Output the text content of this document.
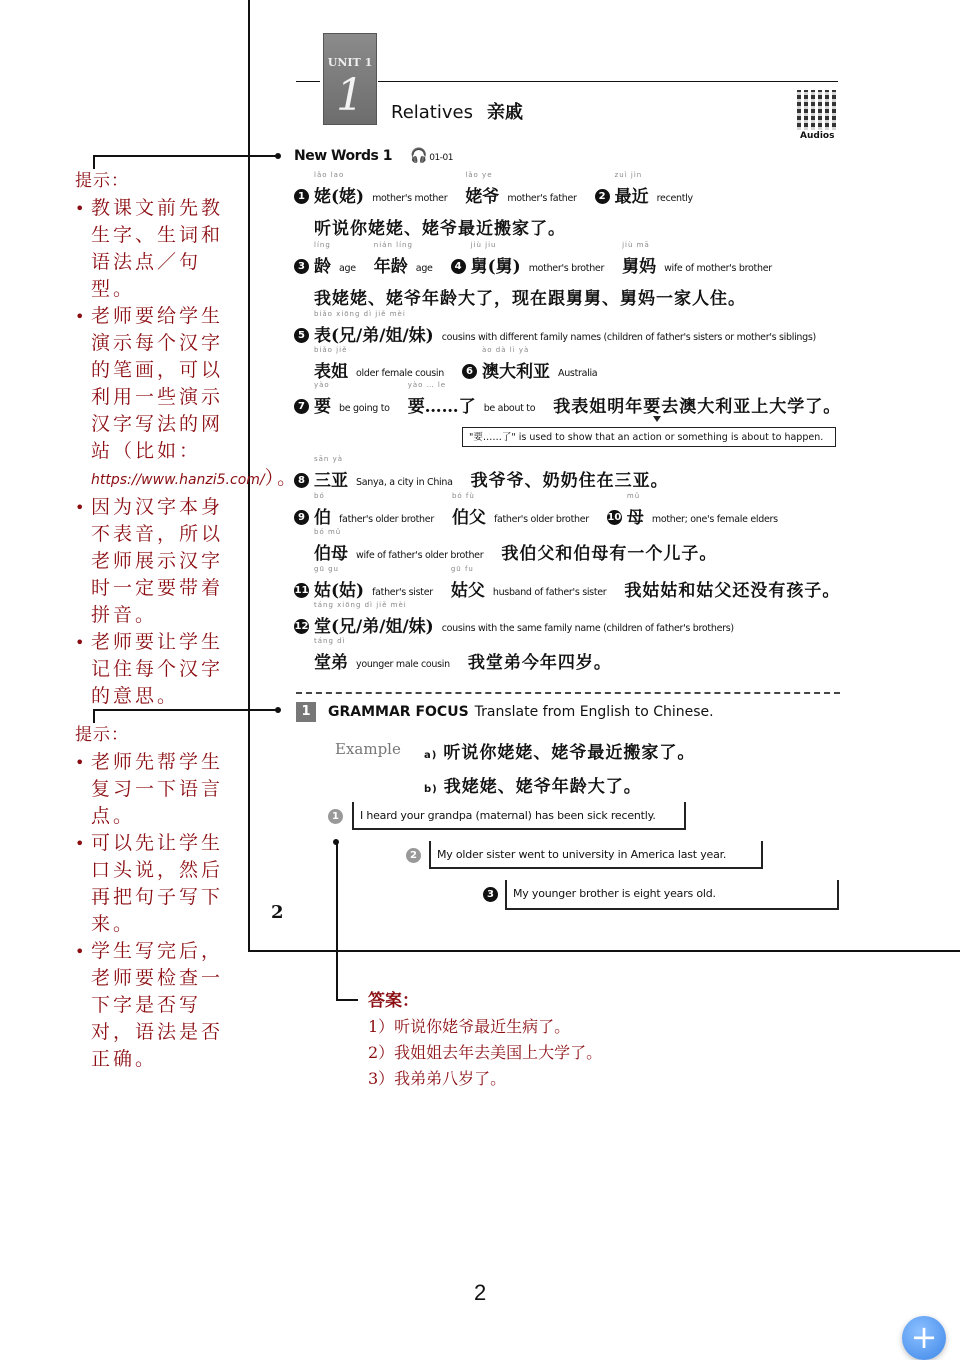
UNIT 1
1	Relatives 亲戚
Audios
New Words 1 🎧 01-01
1
lǎo lao
姥(姥) mother's mother
lǎo ye
姥爷 mother's father	2
zuì jìn
最近 recently
听说你姥姥、姥爷最近搬家了。
3
líng
龄 age
nián líng
年龄 age	4
jiù jiu
舅(舅) mother's brother
jiù mā
舅妈 wife of mother's brother
我姥姥、姥爷年龄大了，现在跟舅舅、舅妈一家人住。
5
biǎo xiōng dì jiě mèi
表(兄/弟/姐/妹) cousins with different family names (children of father's sisters or mother's siblings)
biǎo jiě
表姐 older female cousin	6
ào dà lì yà
澳大利亚 Australia
7
yào
要 be going to
yào … le
要……了 be about to 我表姐明年要去澳大利亚上大学了。
"要……了" is used to show that an action or something is about to happen.
8
sān yà
三亚 Sanya, a city in China 我爷爷、奶奶住在三亚。
9
bó
伯 father's older brother
bó fù
伯父 father's older brother 10
mǔ
母 mother; one's female elders
bó mǔ
伯母 wife of father's older brother 我伯父和伯母有一个儿子。
11
gū gu
姑(姑) father's sister
gū fu
姑父 husband of father's sister 我姑姑和姑父还没有孩子。
12
táng xiōng dì jiě mèi
堂(兄/弟/姐/妹) cousins with the same family name (children of father's brothers)
táng dì
堂弟 younger male cousin 我堂弟今年四岁。
1	GRAMMAR FOCUS Translate from English to Chinese.
Example a) 听说你姥姥、姥爷最近搬家了。
b) 我姥姥、姥爷年龄大了。
1	I heard your grandpa (maternal) has been sick recently.
2	My older sister went to university in America last year.
3	My younger brother is eight years old.
2
提示：
• 教课文前先教生字、生词和语法点／句型。
• 老师要给学生演示每个汉字的笔画，可以利用一些演示汉字写法的网站（比如：https://www.hanzi5.com/）。
• 因为汉字本身不表音，所以老师展示汉字时一定要带着拼音。
• 老师要让学生记住每个汉字的意思。
提示：
• 老师先帮学生复习一下语言点。
• 可以先让学生口头说，然后再把句子写下来。
• 学生写完后，老师要检查一下字是否写对，语法是否正确。
答案：
1）听说你姥爷最近生病了。
2）我姐姐去年去美国上大学了。
3）我弟弟八岁了。
2
+
